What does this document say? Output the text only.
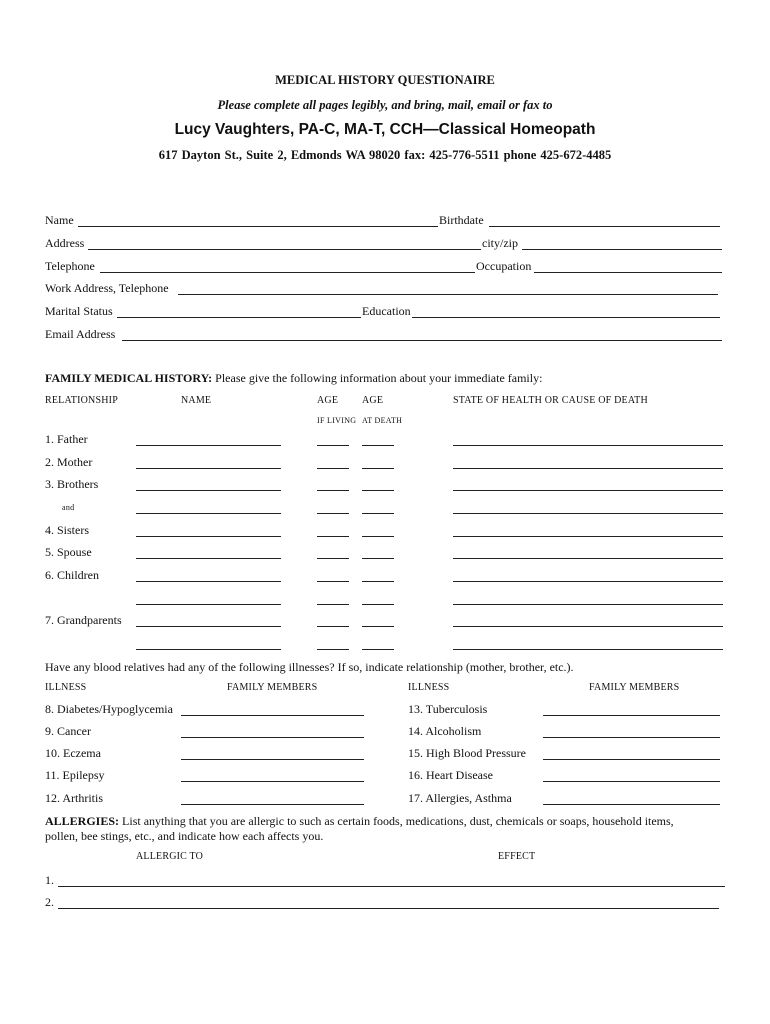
MEDICAL HISTORY QUESTIONAIRE
Please complete all pages legibly, and bring, mail, email or fax to
Lucy Vaughters, PA-C, MA-T, CCH—Classical Homeopath
617 Dayton St., Suite 2, Edmonds WA 98020 fax: 425-776-5511 phone 425-672-4485
Name	Birthdate
Address	city/zip
Telephone	Occupation
Work Address, Telephone
Marital Status	Education
Email Address
FAMILY MEDICAL HISTORY: Please give the following information about your immediate family:
RELATIONSHIP	NAME	AGE AGE	STATE OF HEALTH OR CAUSE OF DEATH
IF LIVING AT DEATH
1. Father
2. Mother
3. Brothers
and
4. Sisters
5. Spouse
6. Children
7. Grandparents
Have any blood relatives had any of the following illnesses? If so, indicate relationship (mother, brother, etc.).
ILLNESS	FAMILY MEMBERS	ILLNESS	FAMILY MEMBERS
8. Diabetes/Hypoglycemia
9. Cancer
10. Eczema
11. Epilepsy
12. Arthritis
13. Tuberculosis
14. Alcoholism
15. High Blood Pressure
16. Heart Disease
17. Allergies, Asthma
ALLERGIES: List anything that you are allergic to such as certain foods, medications, dust, chemicals or soaps, household items,
pollen, bee stings, etc., and indicate how each affects you.
ALLERGIC TO	EFFECT
1.
2.
